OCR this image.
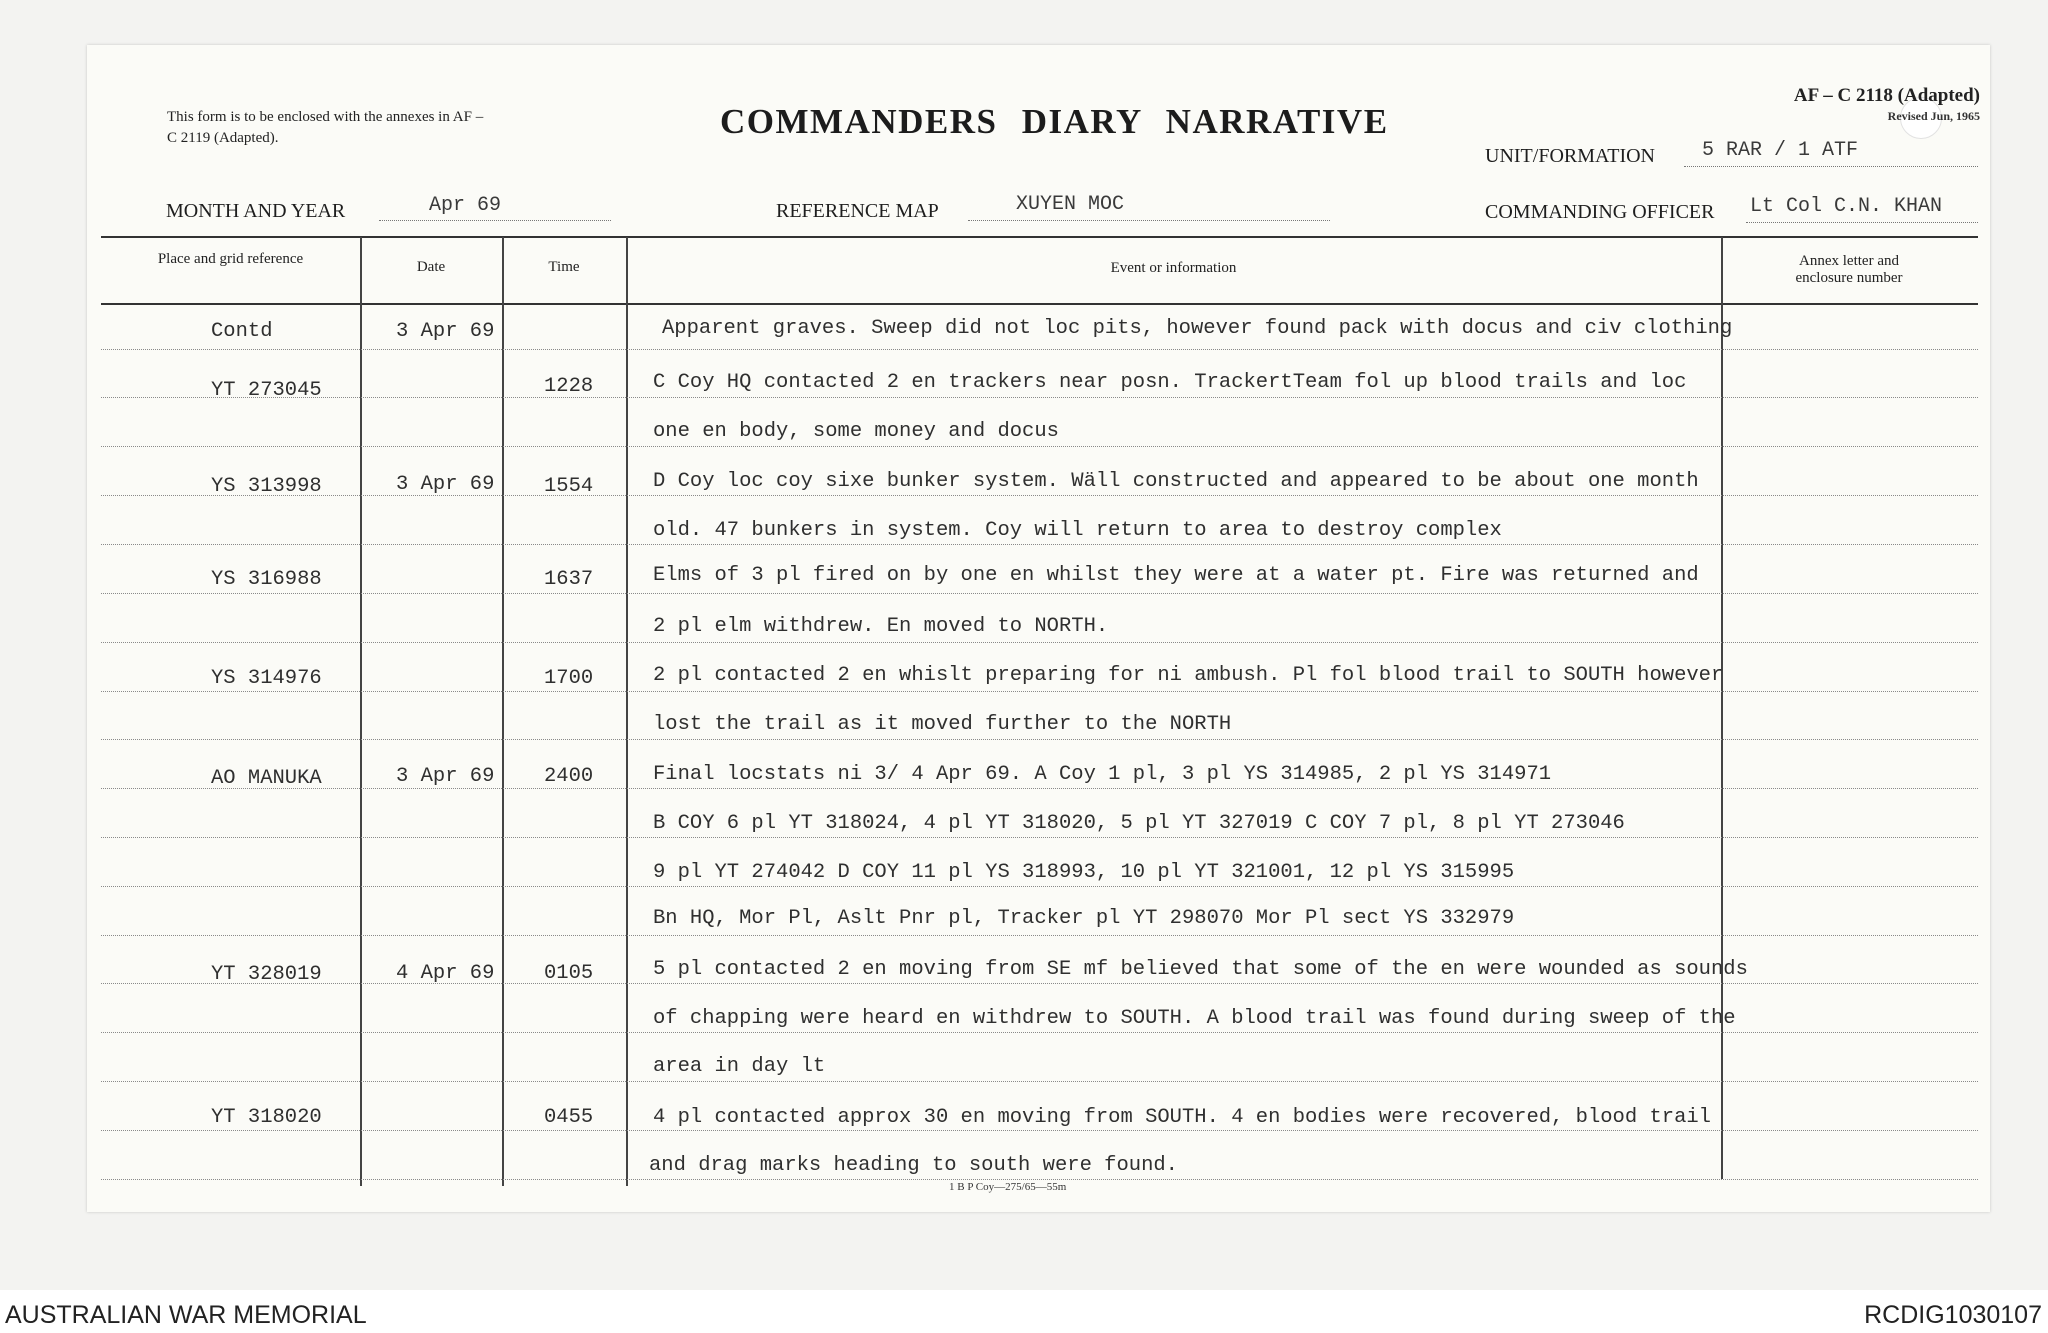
This form is to be enclosed with the annexes in AF – C 2119 (Adapted).	COMMANDERS DIARY NARRATIVE
AF – C 2118 (Adapted)
Revised Jun, 1965
UNIT/FORMATION 5 RAR / 1 ATF
MONTH AND YEAR	Apr 69	REFERENCE MAP	XUYEN MOC	COMMANDING OFFICER Lt Col C.N. KHAN
Place and grid reference	Date	Time	Event or information	Annex letter and enclosure number
Contd	3 Apr 69	Apparent graves. Sweep did not loc pits, however found pack with docus and civ clothing
YT 273045	1228	C Coy HQ contacted 2 en trackers near posn. TrackertTeam fol up blood trails and loc
one en body, some money and docus
YS 313998	3 Apr 69 1554	D Coy loc coy sixe bunker system. Wäll constructed and appeared to be about one month
old. 47 bunkers in system. Coy will return to area to destroy complex
YS 316988	1637	Elms of 3 pl fired on by one en whilst they were at a water pt. Fire was returned and
2 pl elm withdrew. En moved to NORTH.
YS 314976	1700	2 pl contacted 2 en whislt preparing for ni ambush. Pl fol blood trail to SOUTH however
lost the trail as it moved further to the NORTH
AO MANUKA	3 Apr 69 2400	Final locstats ni 3/ 4 Apr 69. A Coy 1 pl, 3 pl YS 314985, 2 pl YS 314971
B COY 6 pl YT 318024, 4 pl YT 318020, 5 pl YT 327019 C COY 7 pl, 8 pl YT 273046
9 pl YT 274042 D COY 11 pl YS 318993, 10 pl YT 321001, 12 pl YS 315995
Bn HQ, Mor Pl, Aslt Pnr pl, Tracker pl YT 298070 Mor Pl sect YS 332979
YT 328019	4 Apr 69 0105	5 pl contacted 2 en moving from SE mf believed that some of the en were wounded as sounds
of chapping were heard en withdrew to SOUTH. A blood trail was found during sweep of the
area in day lt
YT 318020	0455	4 pl contacted approx 30 en moving from SOUTH. 4 en bodies were recovered, blood trail
and drag marks heading to south were found.
1 B P Coy—275/65—55m
AUSTRALIAN WAR MEMORIAL	RCDIG1030107
